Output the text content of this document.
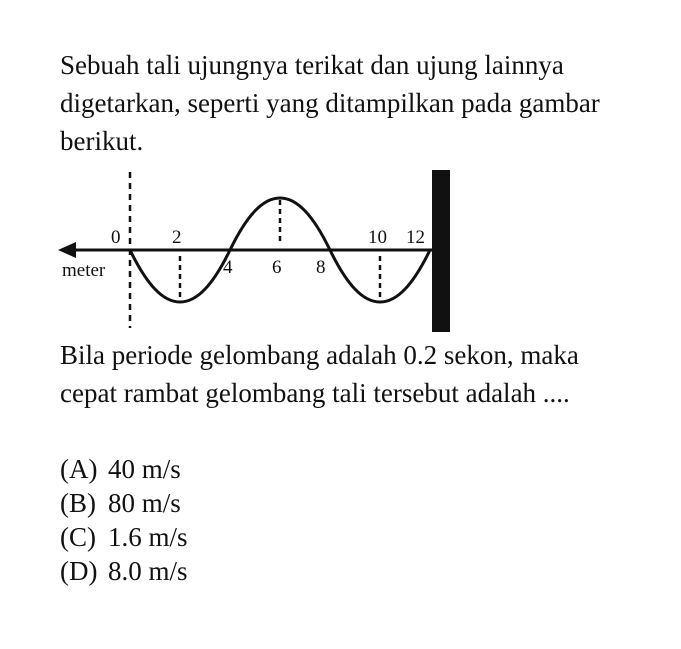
Sebuah tali ujungnya terikat dan ujung lainnya digetarkan, seperti yang ditampilkan pada gambar berikut.

0	2
4 6 8
10 12
meter

Bila periode gelombang adalah 0.2 sekon, maka cepat rambat gelombang tali tersebut adalah ....

(A) 40 m/s
(B) 80 m/s
(C) 1.6 m/s
(D) 8.0 m/s
